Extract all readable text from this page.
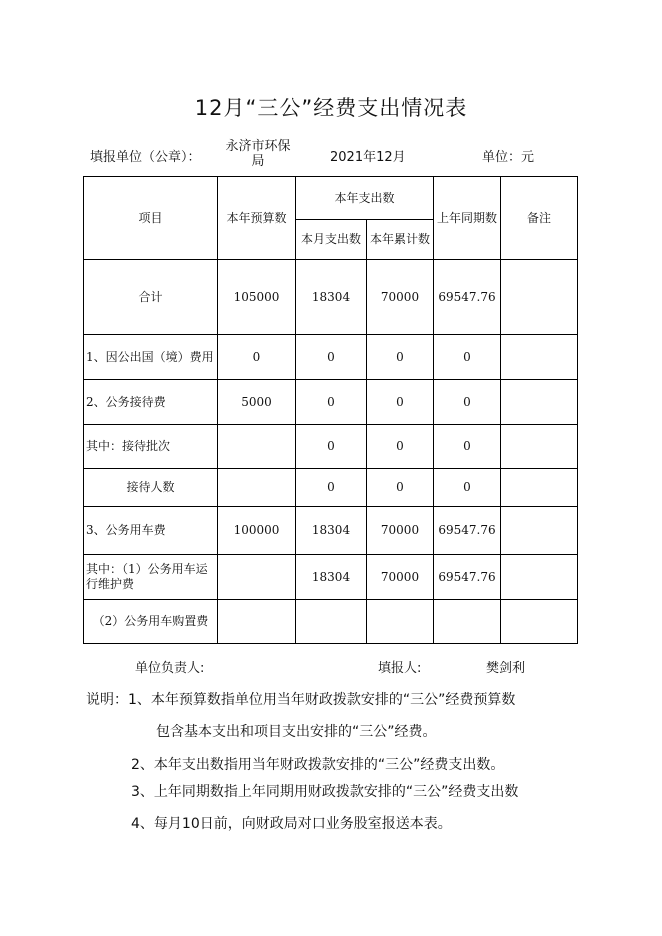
12月“三公”经费支出情况表
填报单位（公章）：
永济市环保局	2021年12月	单位：元
项目	本年预算数	本年支出数		上年同期数	备注
		本月支出数	本年累计数		
合计	105000	18304	70000	69547.76	
1、因公出国（境）费用	0	0	0	0	
2、公务接待费	5000	0	0	0	
其中：接待批次		0	0	0	
接待人数		0	0	0	
3、公务用车费	100000	18304	70000	69547.76	
其中：（1）公务用车运行维护费		18304	70000	69547.76	
（2）公务用车购置费					
单位负责人:	填报人:	樊剑利
说明：1、本年预算数指单位用当年财政拨款安排的“三公”经费预算数
包含基本支出和项目支出安排的“三公”经费。
2、本年支出数指用当年财政拨款安排的“三公”经费支出数。
3、上年同期数指上年同期用财政拨款安排的“三公”经费支出数
4、每月10日前，向财政局对口业务股室报送本表。
